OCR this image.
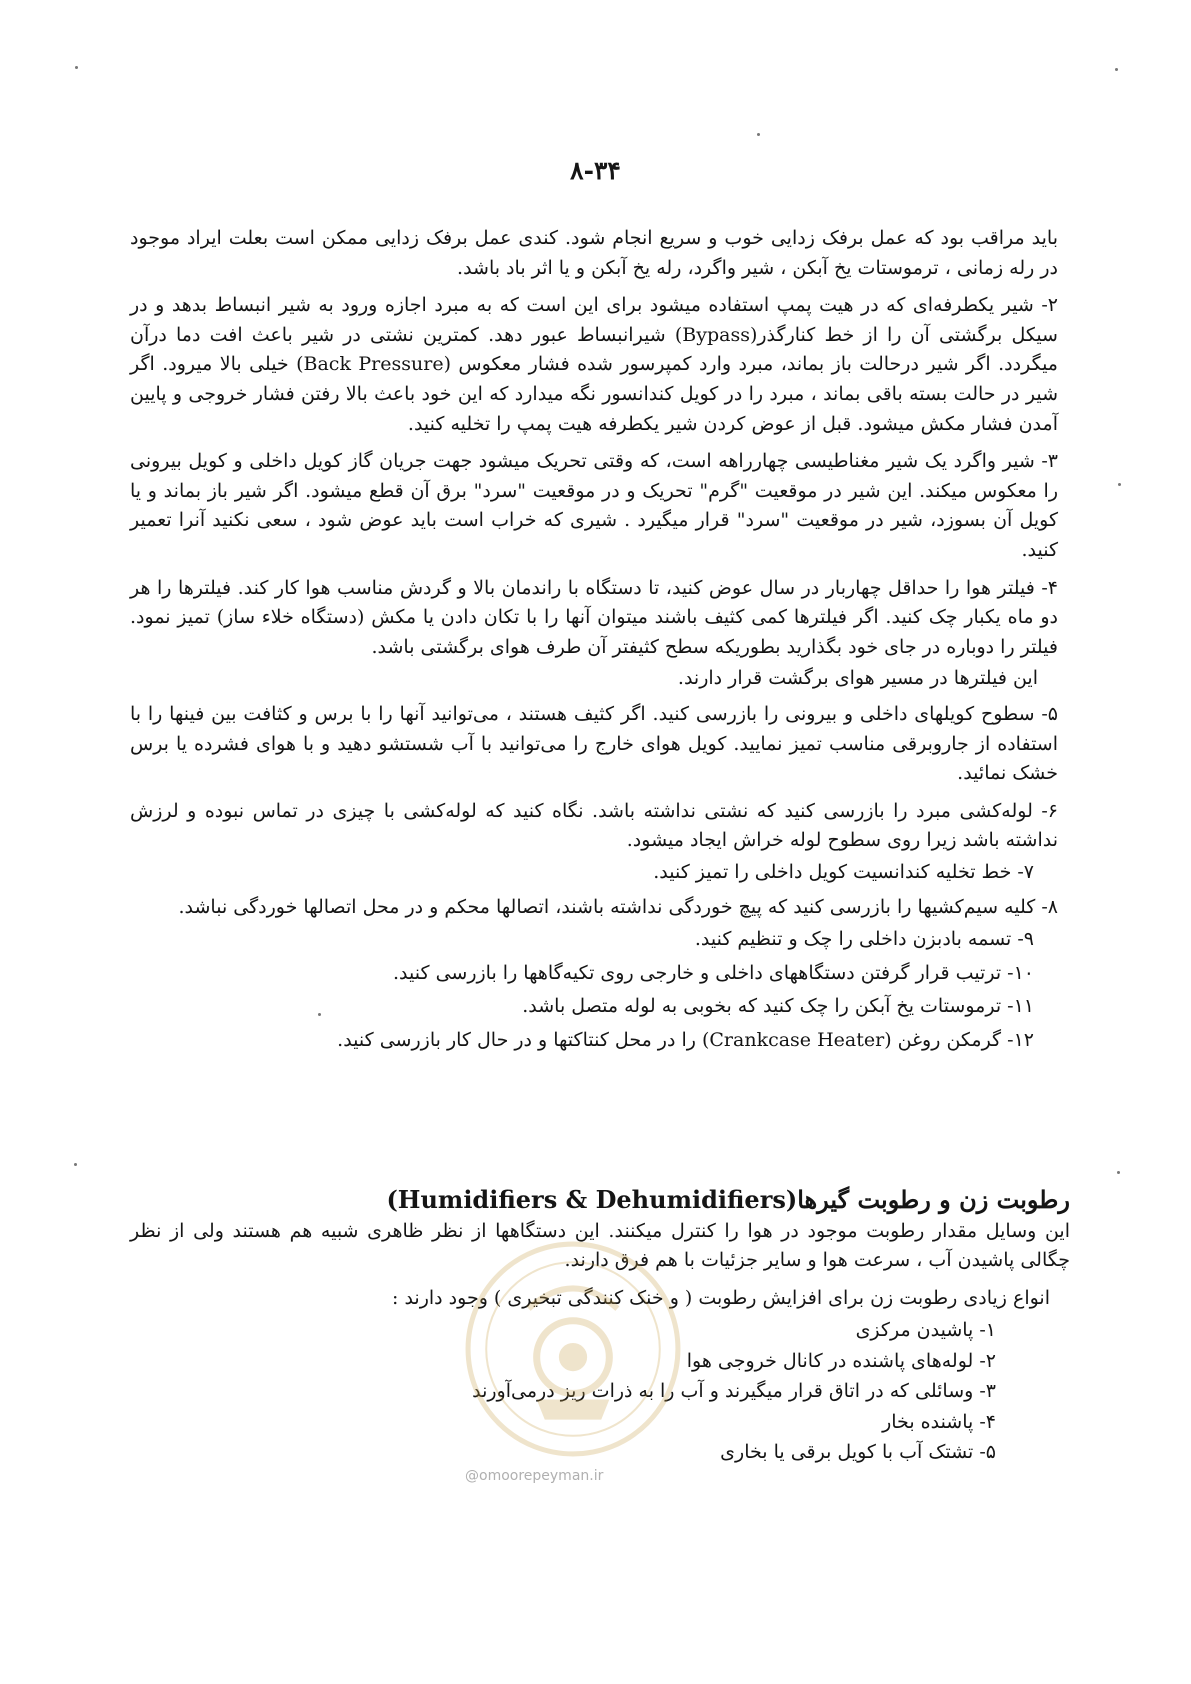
۸-۳۴

باید مراقب بود که عمل برفک زدایی خوب و سریع انجام شود. کندی عمل برفک زدایی ممکن است بعلت ایراد موجود در رله زمانی ، ترموستات یخ آبکن ، شیر واگرد، رله یخ آبکن و یا اثر باد باشد.

۲- شیر یکطرفه‌ای که در هیت پمپ استفاده میشود برای این است که به مبرد اجازه ورود به شیر انبساط بدهد و در سیکل برگشتی آن را از خط کنارگذر(Bypass) شیرانبساط عبور دهد. کمترین نشتی در شیر باعث افت دما درآن میگردد. اگر شیر درحالت باز بماند، مبرد وارد کمپرسور شده فشار معکوس (Back Pressure) خیلی بالا میرود. اگر شیر در حالت بسته باقی بماند ، مبرد را در کویل کندانسور نگه میدارد که این خود باعث بالا رفتن فشار خروجی و پایین آمدن فشار مکش میشود. قبل از عوض کردن شیر یکطرفه هیت پمپ را تخلیه کنید.

۳- شیر واگرد یک شیر مغناطیسی چهارراهه است، که وقتی تحریک میشود جهت جریان گاز کویل داخلی و کویل بیرونی را معکوس میکند. این شیر در موقعیت "گرم" تحریک و در موقعیت "سرد" برق آن قطع میشود. اگر شیر باز بماند و یا کویل آن بسوزد، شیر در موقعیت "سرد" قرار میگیرد . شیری که خراب است باید عوض شود ، سعی نکنید آنرا تعمیر کنید.

۴- فیلتر هوا را حداقل چهاربار در سال عوض کنید، تا دستگاه با راندمان بالا و گردش مناسب هوا کار کند. فیلترها را هر دو ماه یکبار چک کنید. اگر فیلترها کمی کثیف باشند میتوان آنها را با تکان دادن یا مکش (دستگاه خلاء ساز) تمیز نمود. فیلتر را دوباره در جای خود بگذارید بطوریکه سطح کثیفتر آن طرف هوای برگشتی باشد.

این فیلترها در مسیر هوای برگشت قرار دارند.

۵- سطوح کویلهای داخلی و بیرونی را بازرسی کنید. اگر کثیف هستند ، می‌توانید آنها را با برس و کثافت بین فینها را با استفاده از جاروبرقی مناسب تمیز نمایید. کویل هوای خارج را می‌توانید با آب شستشو دهید و با هوای فشرده یا برس خشک نمائید.

۶- لوله‌کشی مبرد را بازرسی کنید که نشتی نداشته باشد. نگاه کنید که لوله‌کشی با چیزی در تماس نبوده و لرزش نداشته باشد زیرا روی سطوح لوله خراش ایجاد میشود.

۷- خط تخلیه کندانسیت کویل داخلی را تمیز کنید.

۸- کلیه سیم‌کشیها را بازرسی کنید که پیچ خوردگی نداشته باشند، اتصالها محکم و در محل اتصالها خوردگی نباشد.

۹- تسمه بادبزن داخلی را چک و تنظیم کنید.

۱۰- ترتیب قرار گرفتن دستگاههای داخلی و خارجی روی تکیه‌گاهها را بازرسی کنید.

۱۱- ترموستات یخ آبکن را چک کنید که بخوبی به لوله متصل باشد.

۱۲- گرمکن روغن (Crankcase Heater) را در محل کنتاکتها و در حال کار بازرسی کنید.

رطوبت زن و رطوبت گیرها(Humidifiers & Dehumidifiers)

این وسایل مقدار رطوبت موجود در هوا را کنترل میکنند. این دستگاهها از نظر ظاهری شبیه هم هستند ولی از نظر چگالی پاشیدن آب ، سرعت هوا و سایر جزئیات با هم فرق دارند.

انواع زیادی رطوبت زن برای افزایش رطوبت ( و خنک کنندگی تبخیری ) وجود دارند :

۱- پاشیدن مرکزی

۲- لوله‌های پاشنده در کانال خروجی هوا

۳- وسائلی که در اتاق قرار میگیرند و آب را به ذرات ریز درمی‌آورند

۴- پاشنده بخار

۵- تشتک آب با کویل برقی یا بخاری

@omoorepeyman.ir
